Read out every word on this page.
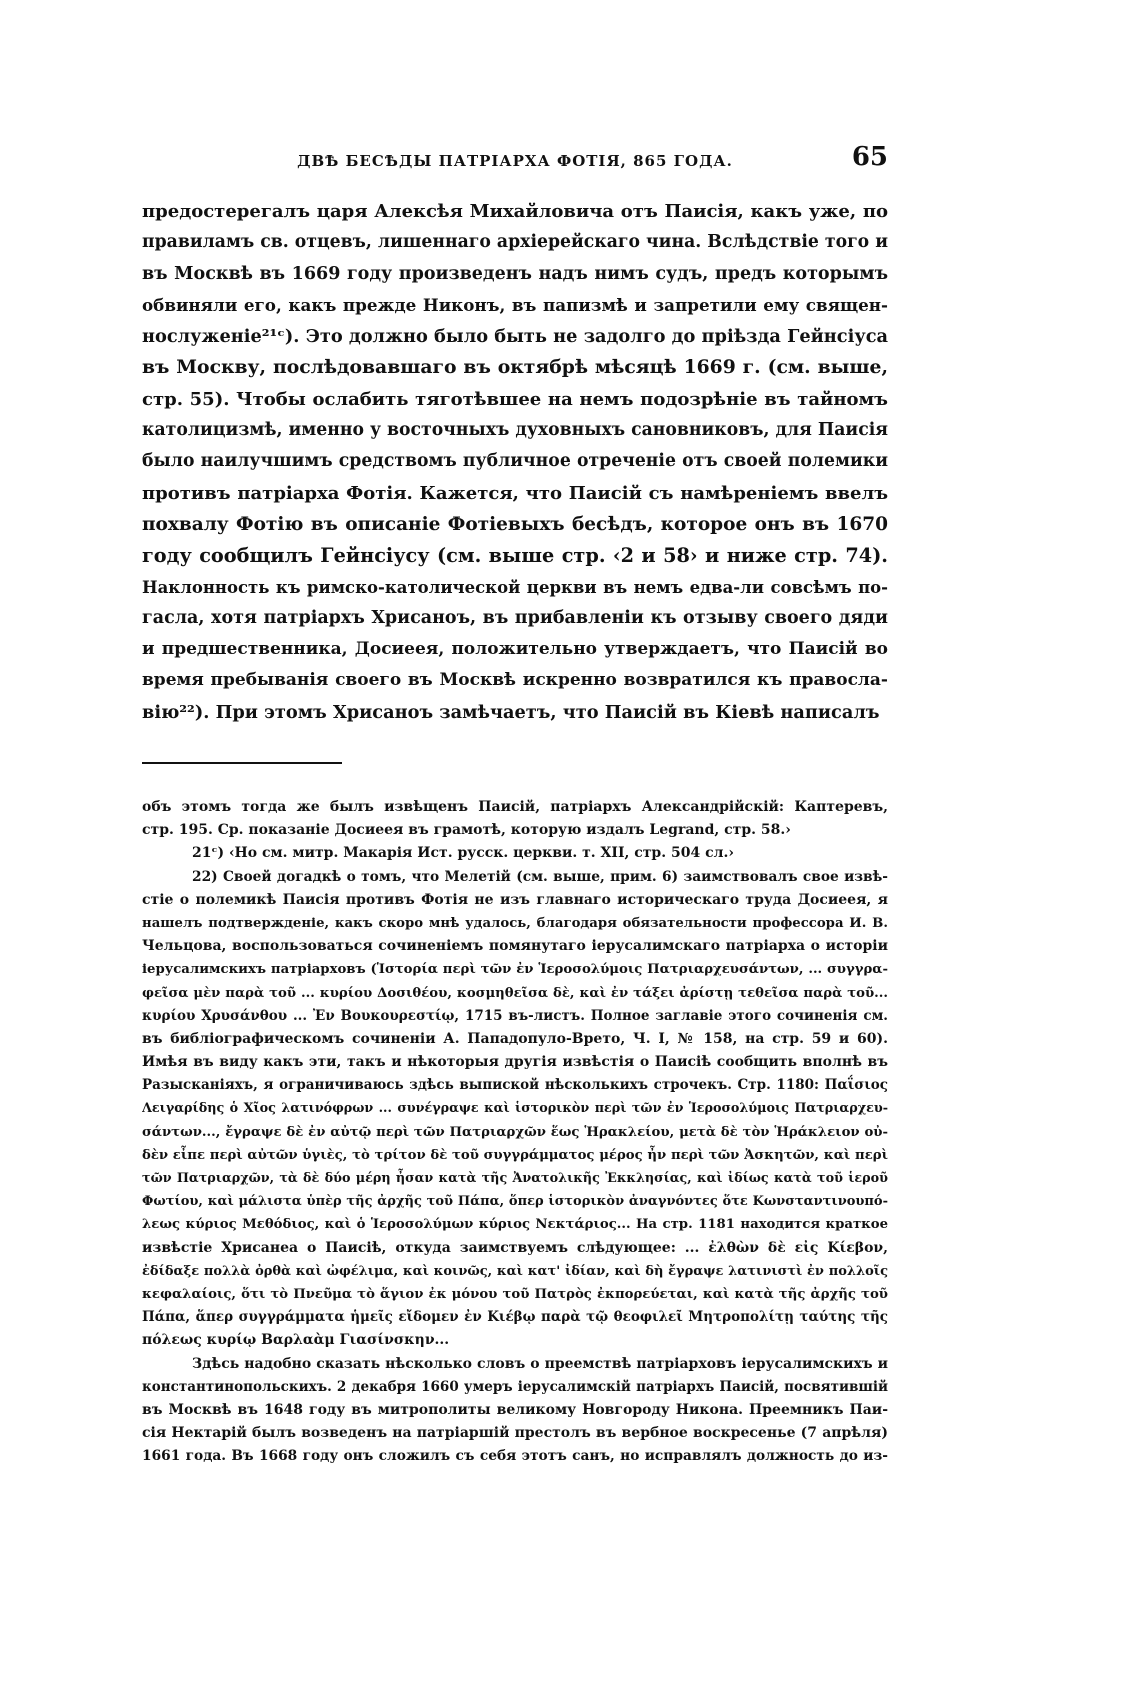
ДВѢ БЕСѢДЫ ПАТРІАРХА ФОТІЯ, 865 ГОДА.	65
предостерегалъ царя Алексѣя Михайловича отъ Паисія, какъ уже, по
правиламъ св. отцевъ, лишеннаго архіерейскаго чина. Вслѣдствіе того и
въ Москвѣ въ 1669 году произведенъ надъ нимъ судъ, предъ которымъ
обвиняли его, какъ прежде Никонъ, въ папизмѣ и запретили ему священ-
нослуженіе²¹ᶜ). Это должно было быть не задолго до пріѣзда Гейнсіуса
въ Москву, послѣдовавшаго въ октябрѣ мѣсяцѣ 1669 г. (см. выше,
стр. 55). Чтобы ослабить тяготѣвшее на немъ подозрѣніе въ тайномъ
католицизмѣ, именно у восточныхъ духовныхъ сановниковъ, для Паисія
было наилучшимъ средствомъ публичное отреченіе отъ своей полемики
противъ патріарха Фотія. Кажется, что Паисій съ намѣреніемъ ввелъ
похвалу Фотію въ описаніе Фотіевыхъ бесѣдъ, которое онъ въ 1670
году сообщилъ Гейнсіусу (см. выше стр. ‹2 и 58› и ниже стр. 74).
Наклонность къ римско-католической церкви въ немъ едва-ли совсѣмъ по-
гасла, хотя патріархъ Хрисаноъ, въ прибавленіи къ отзыву своего дяди
и предшественника, Досиеея, положительно утверждаетъ, что Паисій во
время пребыванія своего въ Москвѣ искренно возвратился къ правосла-
вію²²). При этомъ Хрисаноъ замѣчаетъ, что Паисій въ Кіевѣ написалъ
объ этомъ тогда же былъ извѣщенъ Паисій, патріархъ Александрійскій: Каптеревъ,
стр. 195. Ср. показаніе Досиеея въ грамотѣ, которую издалъ Legrand, стр. 58.›
21ᶜ) ‹Но см. митр. Макарія Ист. русск. церкви. т. XII, стр. 504 сл.›
22) Своей догадкѣ о томъ, что Мелетій (см. выше, прим. 6) заимствовалъ свое извѣ-
стіе о полемикѣ Паисія противъ Фотія не изъ главнаго историческаго труда Досиеея, я
нашелъ подтвержденіе, какъ скоро мнѣ удалось, благодаря обязательности профессора И. В.
Чельцова, воспользоваться сочиненіемъ помянутаго іерусалимскаго патріарха о исторіи
іерусалимскихъ патріарховъ (Ἱστορία περὶ τῶν ἐν Ἱεροσολύμοις Πατριαρχευσάντων, ... συγγρα-
φεῖσα μὲν παρὰ τοῦ ... κυρίου Δοσιθέου, κοσμηθεῖσα δὲ, καὶ ἐν τάξει ἀρίστῃ τεθεῖσα παρὰ τοῦ...
κυρίου Χρυσάνθου ... Ἐν Βουκουρεστίῳ, 1715 въ-листъ. Полное заглавіе этого сочиненія см.
въ библіографическомъ сочиненіи А. Пападопуло-Врето, Ч. I, № 158, на стр. 59 и 60).
Имѣя въ виду какъ эти, такъ и нѣкоторыя другія извѣстія о Паисіѣ сообщить вполнѣ въ
Разысканіяхъ, я ограничиваюсь здѣсь выпиской нѣсколькихъ строчекъ. Стр. 1180: Παΐσιος
Λειγαρίδης ὁ Χῖος λατινόφρων ... συνέγραψε καὶ ἱστορικὸν περὶ τῶν ἐν Ἱεροσολύμοις Πατριαρχευ-
σάντων..., ἔγραψε δὲ ἐν αὐτῷ περὶ τῶν Πατριαρχῶν ἕως Ἡρακλείου, μετὰ δὲ τὸν Ἡράκλειον οὐ-
δὲν εἶπε περὶ αὐτῶν ὑγιὲς, τὸ τρίτον δὲ τοῦ συγγράμματος μέρος ἦν περὶ τῶν Ἀσκητῶν, καὶ περὶ
τῶν Πατριαρχῶν, τὰ δὲ δύο μέρη ἦσαν κατὰ τῆς Ἀνατολικῆς Ἐκκλησίας, καὶ ἰδίως κατὰ τοῦ ἱεροῦ
Φωτίου, καὶ μάλιστα ὑπὲρ τῆς ἀρχῆς τοῦ Πάπα, ὅπερ ἱστορικὸν ἀναγνόντες ὅτε Κωνσταντινουπό-
λεως κύριος Μεθόδιος, καὶ ὁ Ἱεροσολύμων κύριος Νεκτάριος... На стр. 1181 находится краткое
извѣстіе Хрисанеа о Паисіѣ, откуда заимствуемъ слѣдующее: ... ἐλθὼν δὲ εἰς Κίεβον,
ἐδίδαξε πολλὰ ὀρθὰ καὶ ὠφέλιμα, καὶ κοινῶς, καὶ κατ' ἰδίαν, καὶ δὴ ἔγραψε λατινιστὶ ἐν πολλοῖς
κεφαλαίοις, ὅτι τὸ Πνεῦμα τὸ ἅγιον ἐκ μόνου τοῦ Πατρὸς ἐκπορεύεται, καὶ κατὰ τῆς ἀρχῆς τοῦ
Πάπα, ἅπερ συγγράμματα ἡμεῖς εἴδομεν ἐν Κιέβῳ παρὰ τῷ θεοφιλεῖ Μητροπολίτῃ ταύτης τῆς
πόλεως κυρίῳ Βαρλαὰμ Γιασίνσκην...
Здѣсь надобно сказать нѣсколько словъ о преемствѣ патріарховъ іерусалимскихъ и
константинопольскихъ. 2 декабря 1660 умеръ іерусалимскій патріархъ Паисій, посвятившій
въ Москвѣ въ 1648 году въ митрополиты великому Новгороду Никона. Преемникъ Паи-
сія Нектарій былъ возведенъ на патріаршій престолъ въ вербное воскресенье (7 апрѣля)
1661 года. Въ 1668 году онъ сложилъ съ себя этотъ санъ, но исправлялъ должность до из-
